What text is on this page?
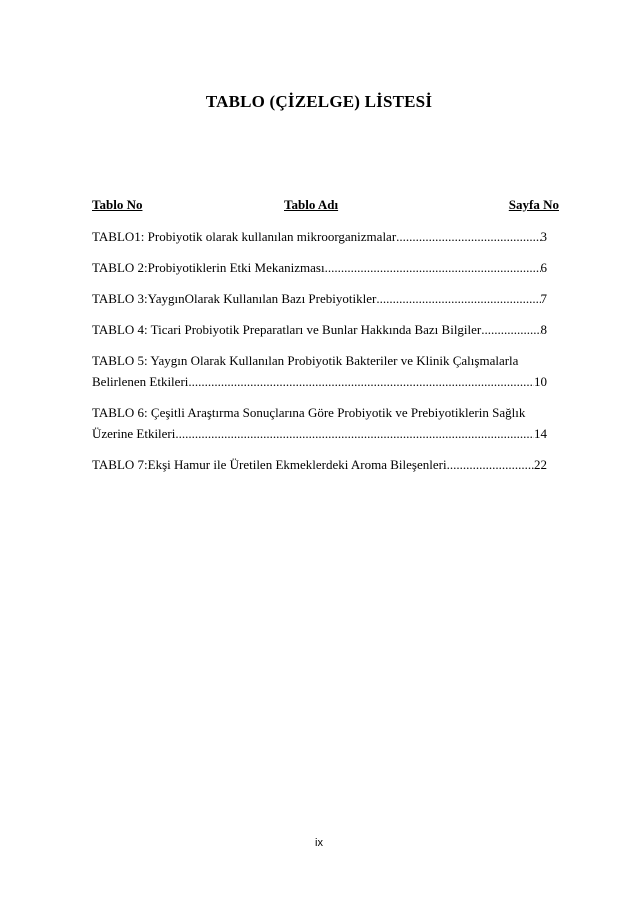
TABLO (ÇİZELGE) LİSTESİ
Tablo No	Tablo Adı	Sayfa No
TABLO1: Probiyotik olarak kullanılan mikroorganizmalar .....	3
TABLO 2:Probiyotiklerin Etki Mekanizması .....	6
TABLO 3:YaygınOlarak Kullanılan Bazı Prebiyotikler .....	7
TABLO 4: Ticari Probiyotik Preparatları ve Bunlar Hakkında Bazı Bilgiler .....	8
TABLO 5: Yaygın Olarak Kullanılan Probiyotik Bakteriler ve Klinik Çalışmalarla
Belirlenen Etkileri .....	10
TABLO 6: Çeşitli Araştırma Sonuçlarına Göre Probiyotik ve Prebiyotiklerin Sağlık
Üzerine Etkileri .....	14
TABLO 7:Ekşi Hamur ile Üretilen Ekmeklerdeki Aroma Bileşenleri .....	22
ix
